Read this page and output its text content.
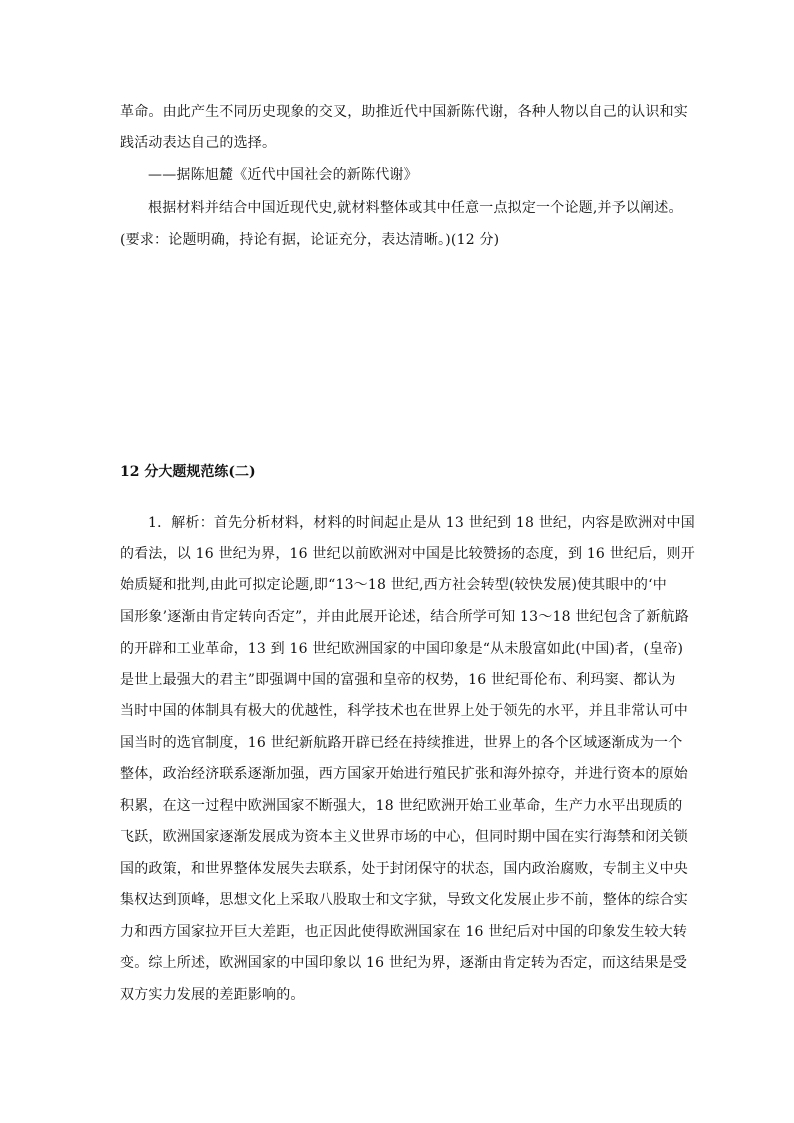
革命。由此产生不同历史现象的交叉，助推近代中国新陈代谢，各种人物以自己的认识和实
践活动表达自己的选择。
——据陈旭麓《近代中国社会的新陈代谢》
根据材料并结合中国近现代史,就材料整体或其中任意一点拟定一个论题,并予以阐述。
(要求：论题明确，持论有据，论证充分，表达清晰。)(12 分)
12 分大题规范练(二)
1．解析：首先分析材料，材料的时间起止是从 13 世纪到 18 世纪，内容是欧洲对中国
的看法，以 16 世纪为界，16 世纪以前欧洲对中国是比较赞扬的态度，到 16 世纪后，则开
始质疑和批判,由此可拟定论题,即“13～18 世纪,西方社会转型(较快发展)使其眼中的‘中
国形象’逐渐由肯定转向否定”，并由此展开论述，结合所学可知 13～18 世纪包含了新航路
的开辟和工业革命，13 到 16 世纪欧洲国家的中国印象是“从未殷富如此(中国)者，(皇帝)
是世上最强大的君主”即强调中国的富强和皇帝的权势，16 世纪哥伦布、利玛窦、都认为
当时中国的体制具有极大的优越性，科学技术也在世界上处于领先的水平，并且非常认可中
国当时的选官制度，16 世纪新航路开辟已经在持续推进，世界上的各个区域逐渐成为一个
整体，政治经济联系逐渐加强，西方国家开始进行殖民扩张和海外掠夺，并进行资本的原始
积累，在这一过程中欧洲国家不断强大，18 世纪欧洲开始工业革命，生产力水平出现质的
飞跃，欧洲国家逐渐发展成为资本主义世界市场的中心，但同时期中国在实行海禁和闭关锁
国的政策，和世界整体发展失去联系，处于封闭保守的状态，国内政治腐败，专制主义中央
集权达到顶峰，思想文化上采取八股取士和文字狱，导致文化发展止步不前，整体的综合实
力和西方国家拉开巨大差距，也正因此使得欧洲国家在 16 世纪后对中国的印象发生较大转
变。综上所述，欧洲国家的中国印象以 16 世纪为界，逐渐由肯定转为否定，而这结果是受
双方实力发展的差距影响的。
